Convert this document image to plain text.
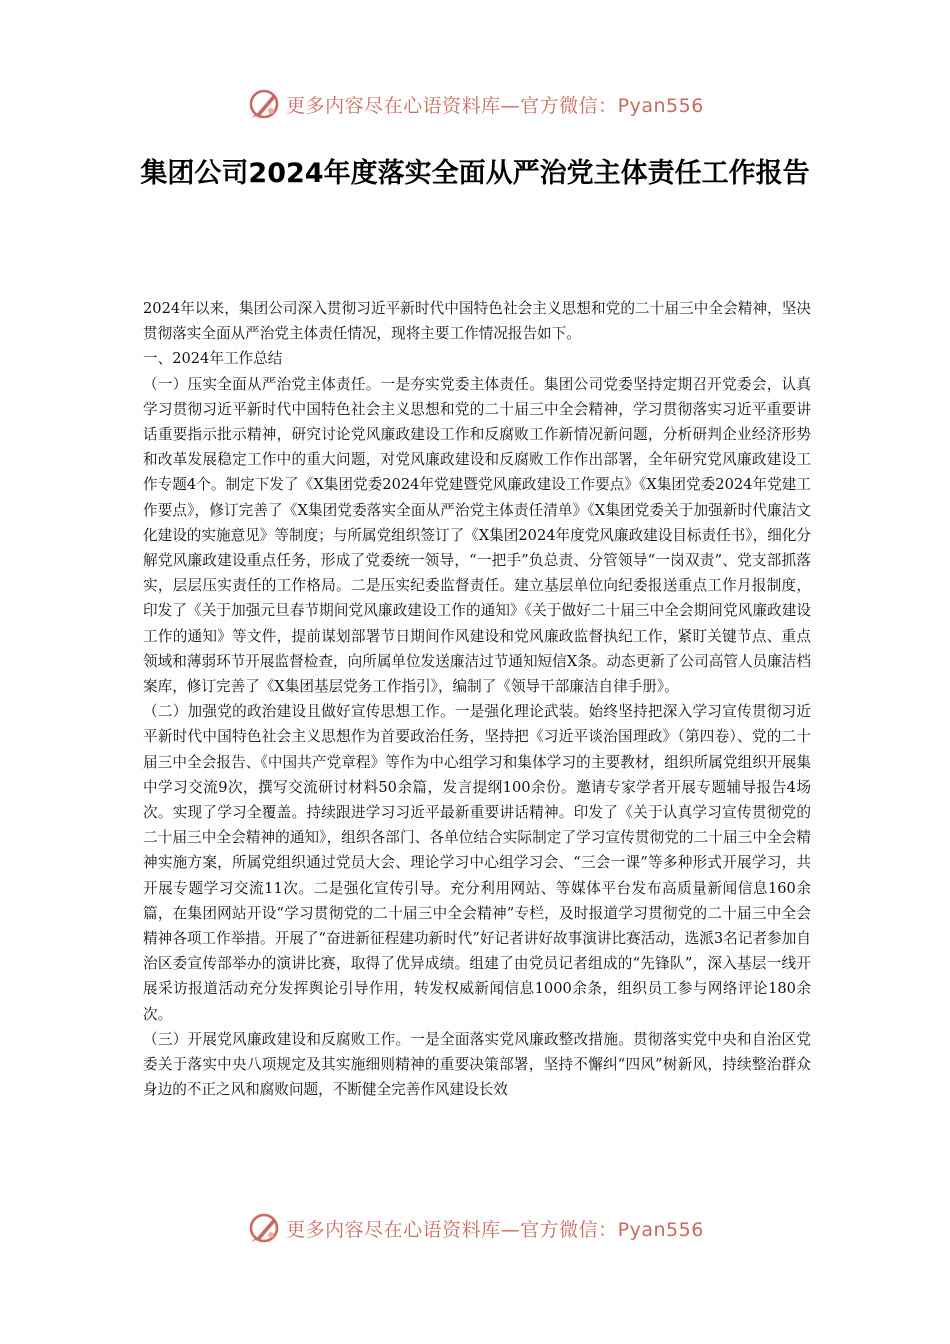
更多内容尽在心语资料库—官方微信：Pyan556
集团公司2024年度落实全面从严治党主体责任工作报告

2024年以来，集团公司深入贯彻习近平新时代中国特色社会主义思想和党的二十届三中全会精神，坚决贯彻落实全面从严治党主体责任情况，现将主要工作情况报告如下。

一、2024年工作总结

（一）压实全面从严治党主体责任。一是夯实党委主体责任。集团公司党委坚持定期召开党委会，认真学习贯彻习近平新时代中国特色社会主义思想和党的二十届三中全会精神，学习贯彻落实习近平重要讲话重要指示批示精神，研究讨论党风廉政建设工作和反腐败工作新情况新问题，分析研判企业经济形势和改革发展稳定工作中的重大问题，对党风廉政建设和反腐败工作作出部署，全年研究党风廉政建设工作专题4个。制定下发了《X集团党委2024年党建暨党风廉政建设工作要点》《X集团党委2024年党建工作要点》，修订完善了《X集团党委落实全面从严治党主体责任清单》《X集团党委关于加强新时代廉洁文化建设的实施意见》等制度；与所属党组织签订了《X集团2024年度党风廉政建设目标责任书》，细化分解党风廉政建设重点任务，形成了党委统一领导，“一把手”负总责、分管领导“一岗双责”、党支部抓落实，层层压实责任的工作格局。二是压实纪委监督责任。建立基层单位向纪委报送重点工作月报制度，印发了《关于加强元旦春节期间党风廉政建设工作的通知》《关于做好二十届三中全会期间党风廉政建设工作的通知》等文件，提前谋划部署节日期间作风建设和党风廉政监督执纪工作，紧盯关键节点、重点领域和薄弱环节开展监督检查，向所属单位发送廉洁过节通知短信X条。动态更新了公司高管人员廉洁档案库，修订完善了《X集团基层党务工作指引》，编制了《领导干部廉洁自律手册》。

（二）加强党的政治建设且做好宣传思想工作。一是强化理论武装。始终坚持把深入学习宣传贯彻习近平新时代中国特色社会主义思想作为首要政治任务，坚持把《习近平谈治国理政》（第四卷）、党的二十届三中全会报告、《中国共产党章程》等作为中心组学习和集体学习的主要教材，组织所属党组织开展集中学习交流9次，撰写交流研讨材料50余篇，发言提纲100余份。邀请专家学者开展专题辅导报告4场次。实现了学习全覆盖。持续跟进学习习近平最新重要讲话精神。印发了《关于认真学习宣传贯彻党的二十届三中全会精神的通知》，组织各部门、各单位结合实际制定了学习宣传贯彻党的二十届三中全会精神实施方案，所属党组织通过党员大会、理论学习中心组学习会、“三会一课”等多种形式开展学习，共开展专题学习交流11次。二是强化宣传引导。充分利用网站、等媒体平台发布高质量新闻信息160余篇，在集团网站开设“学习贯彻党的二十届三中全会精神”专栏，及时报道学习贯彻党的二十届三中全会精神各项工作举措。开展了“奋进新征程建功新时代”好记者讲好故事演讲比赛活动，选派3名记者参加自治区委宣传部举办的演讲比赛，取得了优异成绩。组建了由党员记者组成的“先锋队”，深入基层一线开展采访报道活动充分发挥舆论引导作用，转发权威新闻信息1000余条，组织员工参与网络评论180余次。

（三）开展党风廉政建设和反腐败工作。一是全面落实党风廉政整改措施。贯彻落实党中央和自治区党委关于落实中央八项规定及其实施细则精神的重要决策部署，坚持不懈纠“四风”树新风，持续整治群众身边的不正之风和腐败问题，不断健全完善作风建设长效

更多内容尽在心语资料库—官方微信：Pyan556
